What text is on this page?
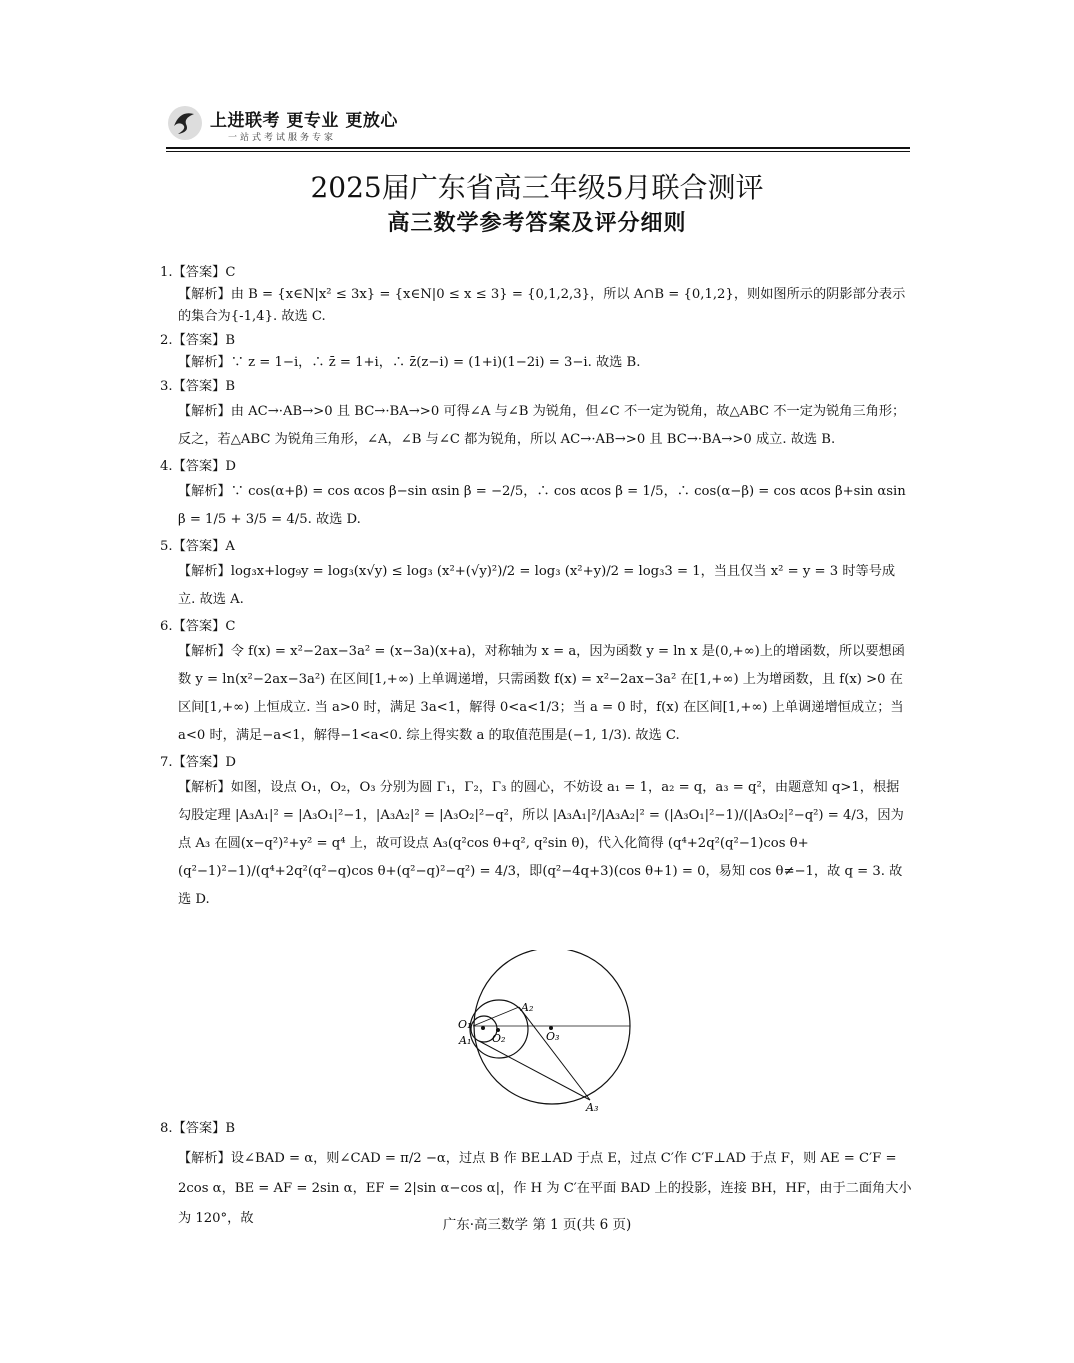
上进联考 更专业 更放心
一站式考试服务专家
2025届广东省高三年级5月联合测评
高三数学参考答案及评分细则

1.【答案】C

【解析】由 B = {x∈N|x² ≤ 3x} = {x∈N|0 ≤ x ≤ 3} = {0,1,2,3}，所以 A∩B = {0,1,2}，则如图所示的阴影部分表示的集合为{-1,4}. 故选 C.

2.【答案】B

【解析】∵ z = 1−i，∴ z̄ = 1+i，∴ z̄(z−i) = (1+i)(1−2i) = 3−i. 故选 B.

3.【答案】B

【解析】由 AC→·AB→>0 且 BC→·BA→>0 可得∠A 与∠B 为锐角，但∠C 不一定为锐角，故△ABC 不一定为锐角三角形；反之，若△ABC 为锐角三角形，∠A，∠B 与∠C 都为锐角，所以 AC→·AB→>0 且 BC→·BA→>0 成立. 故选 B.

4.【答案】D

【解析】∵ cos(α+β) = cos αcos β−sin αsin β = −2/5，∴ cos αcos β = 1/5，∴ cos(α−β) = cos αcos β+sin αsin β = 1/5 + 3/5 = 4/5. 故选 D.

5.【答案】A

【解析】log₃x+log₉y = log₃(x√y) ≤ log₃ (x²+(√y)²)/2 = log₃ (x²+y)/2 = log₃3 = 1，当且仅当 x² = y = 3 时等号成立. 故选 A.

6.【答案】C

【解析】令 f(x) = x²−2ax−3a² = (x−3a)(x+a)，对称轴为 x = a，因为函数 y = ln x 是(0,+∞)上的增函数，所以要想函数 y = ln(x²−2ax−3a²) 在区间[1,+∞) 上单调递增，只需函数 f(x) = x²−2ax−3a² 在[1,+∞) 上为增函数，且 f(x) >0 在区间[1,+∞) 上恒成立. 当 a>0 时，满足 3a<1，解得 0<a<1/3；当 a = 0 时，f(x) 在区间[1,+∞) 上单调递增恒成立；当 a<0 时，满足−a<1，解得−1<a<0. 综上得实数 a 的取值范围是(−1, 1/3). 故选 C.

7.【答案】D

【解析】如图，设点 O₁，O₂，O₃ 分别为圆 Γ₁，Γ₂，Γ₃ 的圆心，不妨设 a₁ = 1，a₂ = q，a₃ = q²，由题意知 q>1，根据勾股定理 |A₃A₁|² = |A₃O₁|²−1，|A₃A₂|² = |A₃O₂|²−q²，所以 |A₃A₁|²/|A₃A₂|² = (|A₃O₁|²−1)/(|A₃O₂|²−q²) = 4/3，因为点 A₃ 在圆(x−q²)²+y² = q⁴ 上，故可设点 A₃(q²cos θ+q², q²sin θ)，代入化简得 (q⁴+2q²(q²−1)cos θ+(q²−1)²−1)/(q⁴+2q²(q²−q)cos θ+(q²−q)²−q²) = 4/3，即(q²−4q+3)(cos θ+1) = 0，易知 cos θ≠−1，故 q = 3. 故选 D.

O₁
A₁ O₂
A₂
O₃
A₃

8.【答案】B

【解析】设∠BAD = α，则∠CAD = π/2 −α，过点 B 作 BE⊥AD 于点 E，过点 C′作 C′F⊥AD 于点 F，则 AE = C′F = 2cos α，BE = AF = 2sin α，EF = 2|sin α−cos α|，作 H 为 C′在平面 BAD 上的投影，连接 BH，HF，由于二面角大小为 120°，故	广东·高三数学 第 1 页(共 6 页)
